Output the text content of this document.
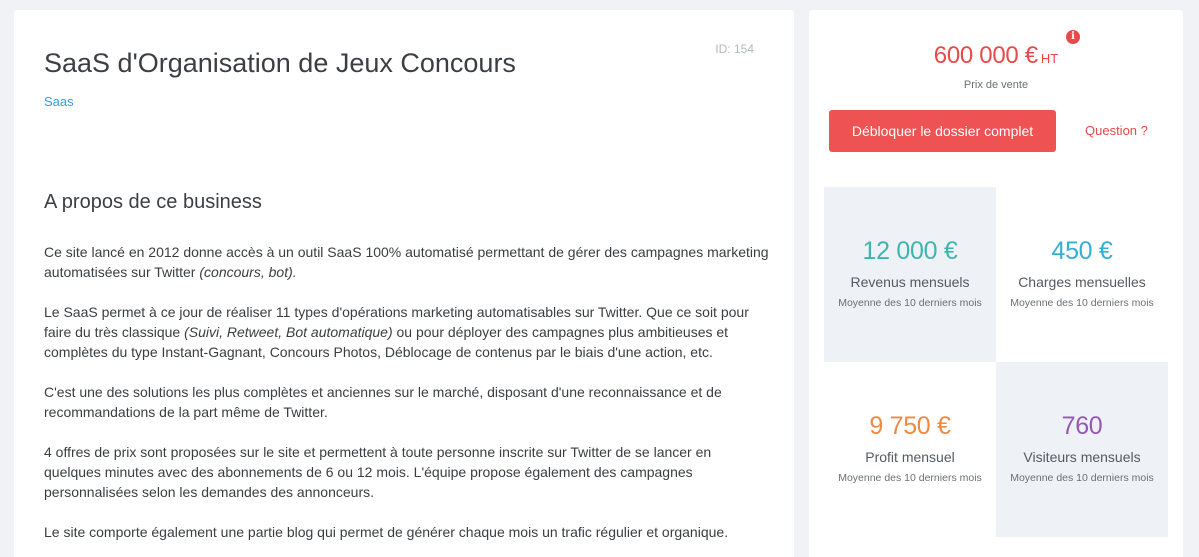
ID: 154
SaaS d'Organisation de Jeux Concours
Saas
A propos de ce business

Ce site lancé en 2012 donne accès à un outil SaaS 100% automatisé permettant de gérer des campagnes marketing automatisées sur Twitter (concours, bot).

Le SaaS permet à ce jour de réaliser 11 types d'opérations marketing automatisables sur Twitter. Que ce soit pour faire du très classique (Suivi, Retweet, Bot automatique) ou pour déployer des campagnes plus ambitieuses et complètes du type Instant-Gagnant, Concours Photos, Déblocage de contenus par le biais d'une action, etc.

C'est une des solutions les plus complètes et anciennes sur le marché, disposant d'une reconnaissance et de recommandations de la part même de Twitter.

4 offres de prix sont proposées sur le site et permettent à toute personne inscrite sur Twitter de se lancer en quelques minutes avec des abonnements de 6 ou 12 mois. L'équipe propose également des campagnes personnalisées selon les demandes des annonceurs.

Le site comporte également une partie blog qui permet de générer chaque mois un trafic régulier et organique.

600 000 € HT
i
Prix de vente
Débloquer le dossier complet	Question ?
12 000 €
Revenus mensuels
Moyenne des 10 derniers mois
450 €
Charges mensuelles
Moyenne des 10 derniers mois
9 750 €
Profit mensuel
Moyenne des 10 derniers mois
760
Visiteurs mensuels
Moyenne des 10 derniers mois
